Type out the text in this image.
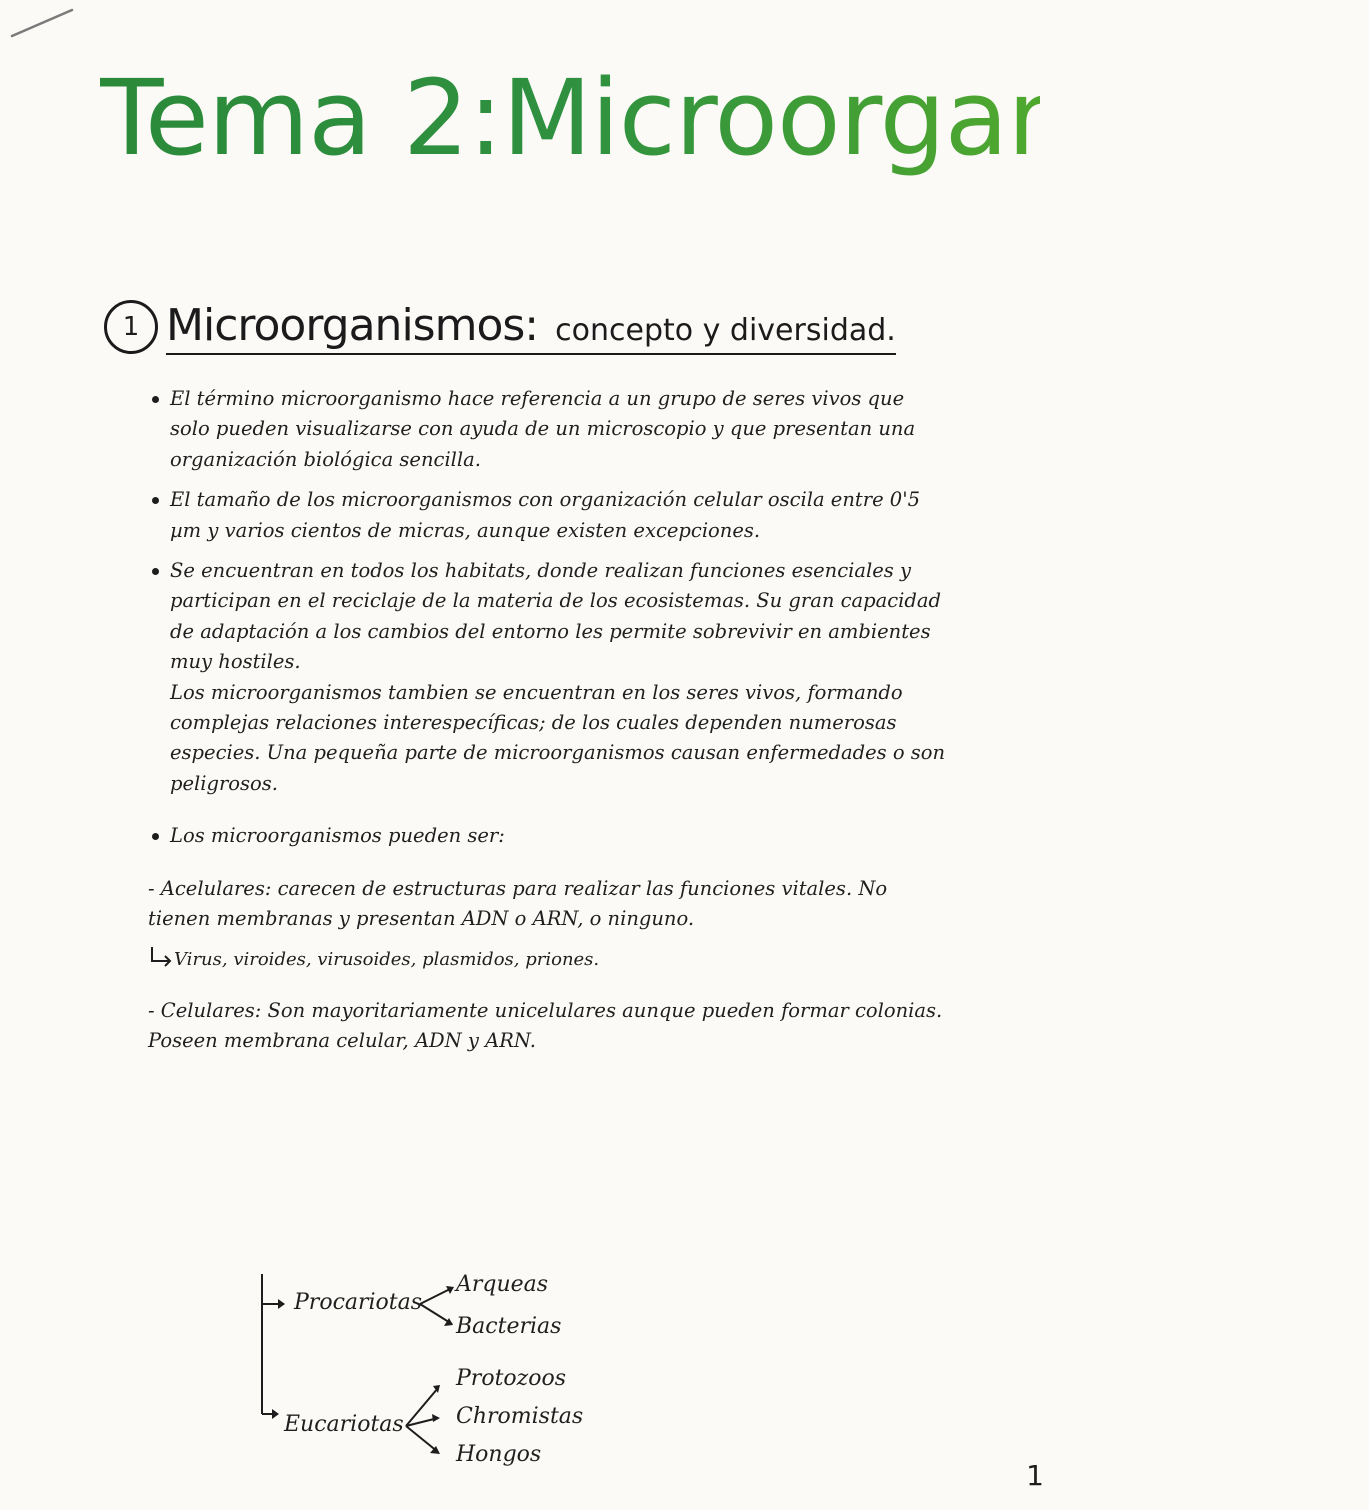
Tema 2:Microorganismos
1 Microorganismos: concepto y diversidad.

El término microorganismo hace referencia a un grupo de seres vivos que solo pueden visualizarse con ayuda de un microscopio y que presentan una organización biológica sencilla.

El tamaño de los microorganismos con organización celular oscila entre 0'5 µm y varios cientos de micras, aunque existen excepciones.

Se encuentran en todos los habitats, donde realizan funciones esenciales y participan en el reciclaje de la materia de los ecosistemas. Su gran capacidad de adaptación a los cambios del entorno les permite sobrevivir en ambientes muy hostiles.

Los microorganismos tambien se encuentran en los seres vivos, formando complejas relaciones interespecíficas; de los cuales dependen numerosas especies. Una pequeña parte de microorganismos causan enfermedades o son peligrosos.

Los microorganismos pueden ser:

- Acelulares: carecen de estructuras para realizar las funciones vitales. No tienen membranas y presentan ADN o ARN, o ninguno.

Virus, viroides, virusoides, plasmidos, priones.

- Celulares: Son mayoritariamente unicelulares aunque pueden formar colonias. Poseen membrana celular, ADN y ARN.

Procariotas
Arqueas
Bacterias
Eucariotas
Protozoos
Chromistas
Hongos
1
